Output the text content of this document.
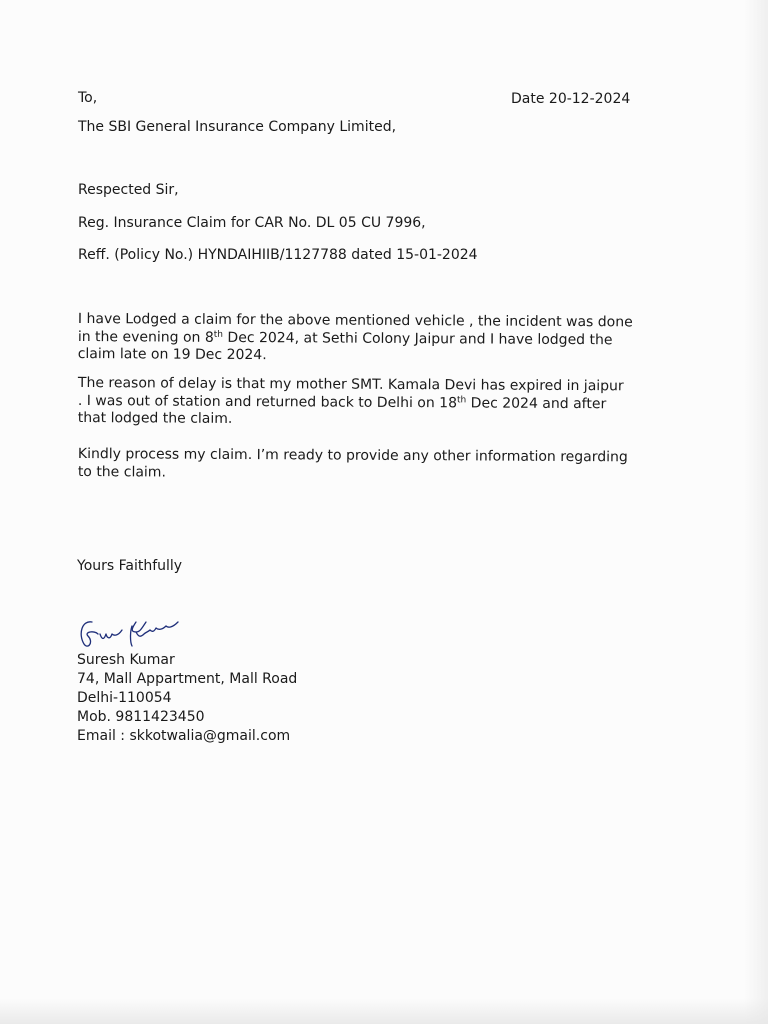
To,	Date 20-12-2024
The SBI General Insurance Company Limited,
Respected Sir,
Reg. Insurance Claim for CAR No. DL 05 CU 7996,
Reff. (Policy No.) HYNDAIHIIB/1127788 dated 15-01-2024
I have Lodged a claim for the above mentioned vehicle , the incident was done
in the evening on 8th Dec 2024, at Sethi Colony Jaipur and I have lodged the
claim late on 19 Dec 2024.
The reason of delay is that my mother SMT. Kamala Devi has expired in jaipur
. I was out of station and returned back to Delhi on 18th Dec 2024 and after
that lodged the claim.
Kindly process my claim. I’m ready to provide any other information regarding
to the claim.
Yours Faithfully
Suresh Kumar
74, Mall Appartment, Mall Road
Delhi-110054
Mob. 9811423450
Email : skkotwalia@gmail.com
